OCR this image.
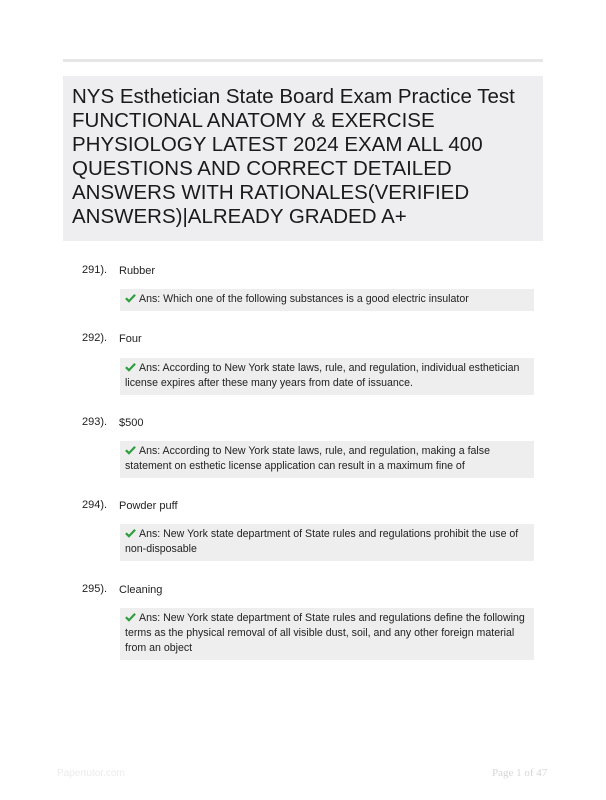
NYS Esthetician State Board Exam Practice Test FUNCTIONAL ANATOMY & EXERCISE PHYSIOLOGY LATEST 2024 EXAM ALL 400 QUESTIONS AND CORRECT DETAILED ANSWERS WITH RATIONALES(VERIFIED ANSWERS)|ALREADY GRADED A+
291). Rubber
Ans: Which one of the following substances is a good electric insulator
292). Four
Ans: According to New York state laws, rule, and regulation, individual esthetician license expires after these many years from date of issuance.
293). $500
Ans: According to New York state laws, rule, and regulation, making a false statement on esthetic license application can result in a maximum fine of
294). Powder puff
Ans: New York state department of State rules and regulations prohibit the use of non-disposable
295). Cleaning
Ans: New York state department of State rules and regulations define the following terms as the physical removal of all visible dust, soil, and any other foreign material from an object
Papertutor.com	Page 1 of 47
